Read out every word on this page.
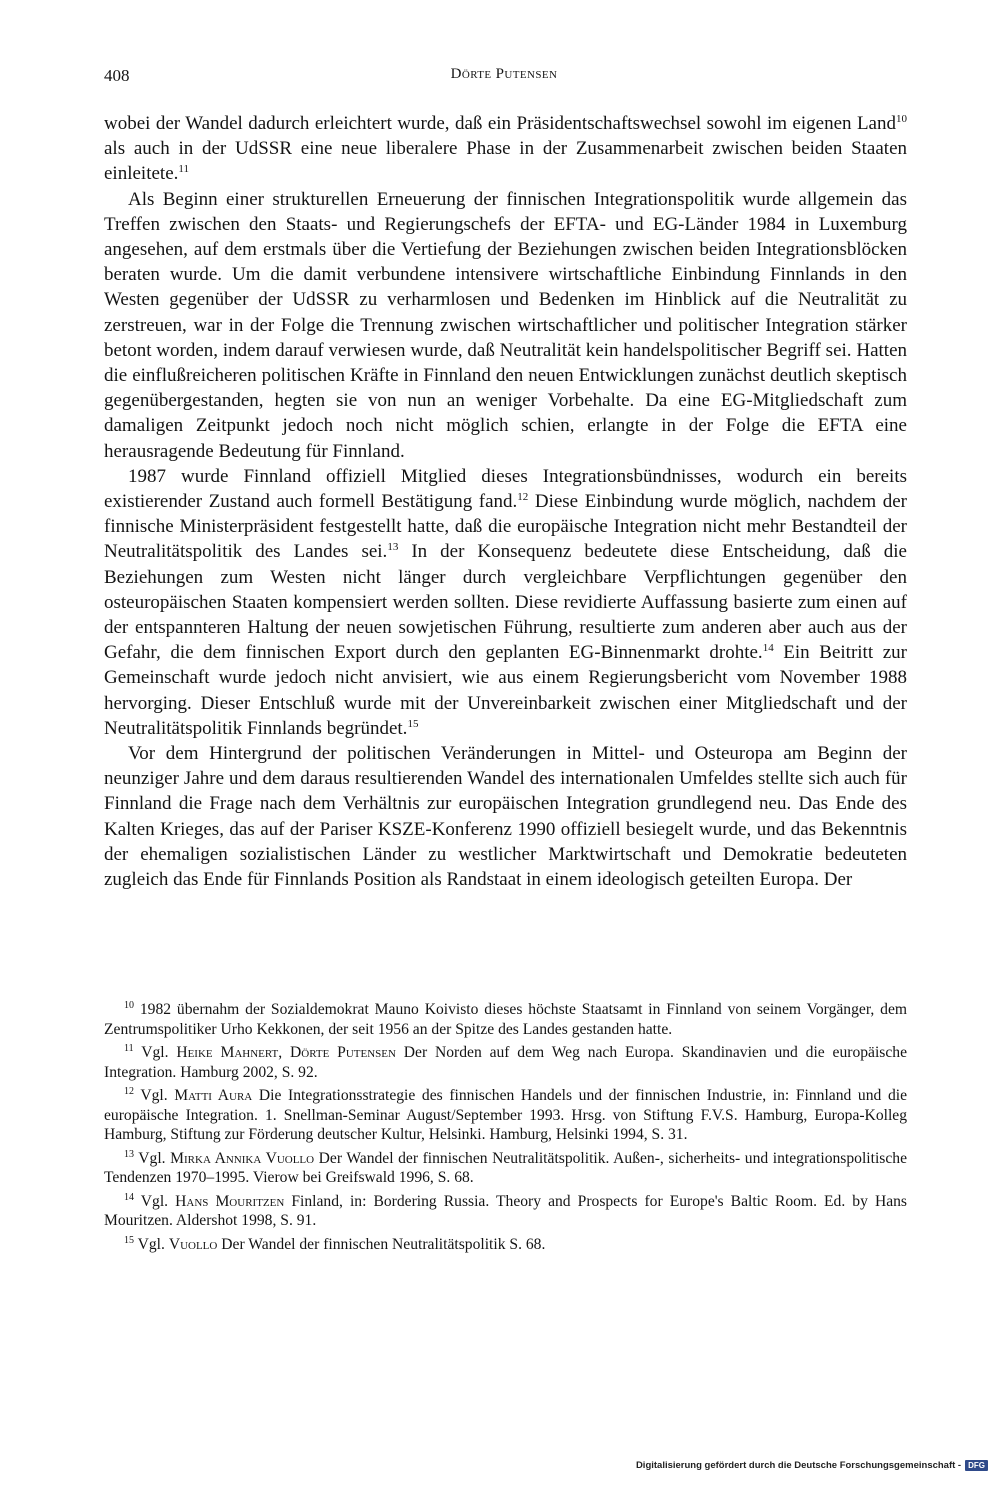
408	Dörte Putensen

wobei der Wandel dadurch erleichtert wurde, daß ein Präsidentschaftswechsel sowohl im eigenen Land$^{10}$ als auch in der UdSSR eine neue liberalere Phase in der Zusammenarbeit zwischen beiden Staaten einleitete.$^{11}$

Als Beginn einer strukturellen Erneuerung der finnischen Integrationspolitik wurde allgemein das Treffen zwischen den Staats- und Regierungschefs der EFTA- und EG-Länder 1984 in Luxemburg angesehen, auf dem erstmals über die Vertiefung der Beziehungen zwischen beiden Integrationsblöcken beraten wurde. Um die damit verbundene intensivere wirtschaftliche Einbindung Finnlands in den Westen gegenüber der UdSSR zu verharmlosen und Bedenken im Hinblick auf die Neutralität zu zerstreuen, war in der Folge die Trennung zwischen wirtschaftlicher und politischer Integration stärker betont worden, indem darauf verwiesen wurde, daß Neutralität kein handelspolitischer Begriff sei. Hatten die einflußreicheren politischen Kräfte in Finnland den neuen Entwicklungen zunächst deutlich skeptisch gegenübergestanden, hegten sie von nun an weniger Vorbehalte. Da eine EG-Mitgliedschaft zum damaligen Zeitpunkt jedoch noch nicht möglich schien, erlangte in der Folge die EFTA eine herausragende Bedeutung für Finnland.

1987 wurde Finnland offiziell Mitglied dieses Integrationsbündnisses, wodurch ein bereits existierender Zustand auch formell Bestätigung fand.$^{12}$ Diese Einbindung wurde möglich, nachdem der finnische Ministerpräsident festgestellt hatte, daß die europäische Integration nicht mehr Bestandteil der Neutralitätspolitik des Landes sei.$^{13}$ In der Konsequenz bedeutete diese Entscheidung, daß die Beziehungen zum Westen nicht länger durch vergleichbare Verpflichtungen gegenüber den osteuropäischen Staaten kompensiert werden sollten. Diese revidierte Auffassung basierte zum einen auf der entspannteren Haltung der neuen sowjetischen Führung, resultierte zum anderen aber auch aus der Gefahr, die dem finnischen Export durch den geplanten EG-Binnenmarkt drohte.$^{14}$ Ein Beitritt zur Gemeinschaft wurde jedoch nicht anvisiert, wie aus einem Regierungsbericht vom November 1988 hervorging. Dieser Entschluß wurde mit der Unvereinbarkeit zwischen einer Mitgliedschaft und der Neutralitätspolitik Finnlands begründet.$^{15}$

Vor dem Hintergrund der politischen Veränderungen in Mittel- und Osteuropa am Beginn der neunziger Jahre und dem daraus resultierenden Wandel des internationalen Umfeldes stellte sich auch für Finnland die Frage nach dem Verhältnis zur europäischen Integration grundlegend neu. Das Ende des Kalten Krieges, das auf der Pariser KSZE-Konferenz 1990 offiziell besiegelt wurde, und das Bekenntnis der ehemaligen sozialistischen Länder zu westlicher Marktwirtschaft und Demokratie bedeuteten zugleich das Ende für Finnlands Position als Randstaat in einem ideologisch geteilten Europa. Der

$^{10}$ 1982 übernahm der Sozialdemokrat Mauno Koivisto dieses höchste Staatsamt in Finnland von seinem Vorgänger, dem Zentrumspolitiker Urho Kekkonen, der seit 1956 an der Spitze des Landes gestanden hatte.

$^{11}$ Vgl. Heike Mahnert, Dörte Putensen Der Norden auf dem Weg nach Europa. Skandinavien und die europäische Integration. Hamburg 2002, S. 92.

$^{12}$ Vgl. Matti Aura Die Integrationsstrategie des finnischen Handels und der finnischen Industrie, in: Finnland und die europäische Integration. 1. Snellman-Seminar August/September 1993. Hrsg. von Stiftung F.V.S. Hamburg, Europa-Kolleg Hamburg, Stiftung zur Förderung deutscher Kultur, Helsinki. Hamburg, Helsinki 1994, S. 31.

$^{13}$ Vgl. Mirka Annika Vuollo Der Wandel der finnischen Neutralitätspolitik. Außen-, sicherheits- und integrationspolitische Tendenzen 1970–1995. Vierow bei Greifswald 1996, S. 68.

$^{14}$ Vgl. Hans Mouritzen Finland, in: Bordering Russia. Theory and Prospects for Europe's Baltic Room. Ed. by Hans Mouritzen. Aldershot 1998, S. 91.

$^{15}$ Vgl. Vuollo Der Wandel der finnischen Neutralitätspolitik S. 68.

Digitalisierung gefördert durch die Deutsche Forschungsgemeinschaft - DFG
